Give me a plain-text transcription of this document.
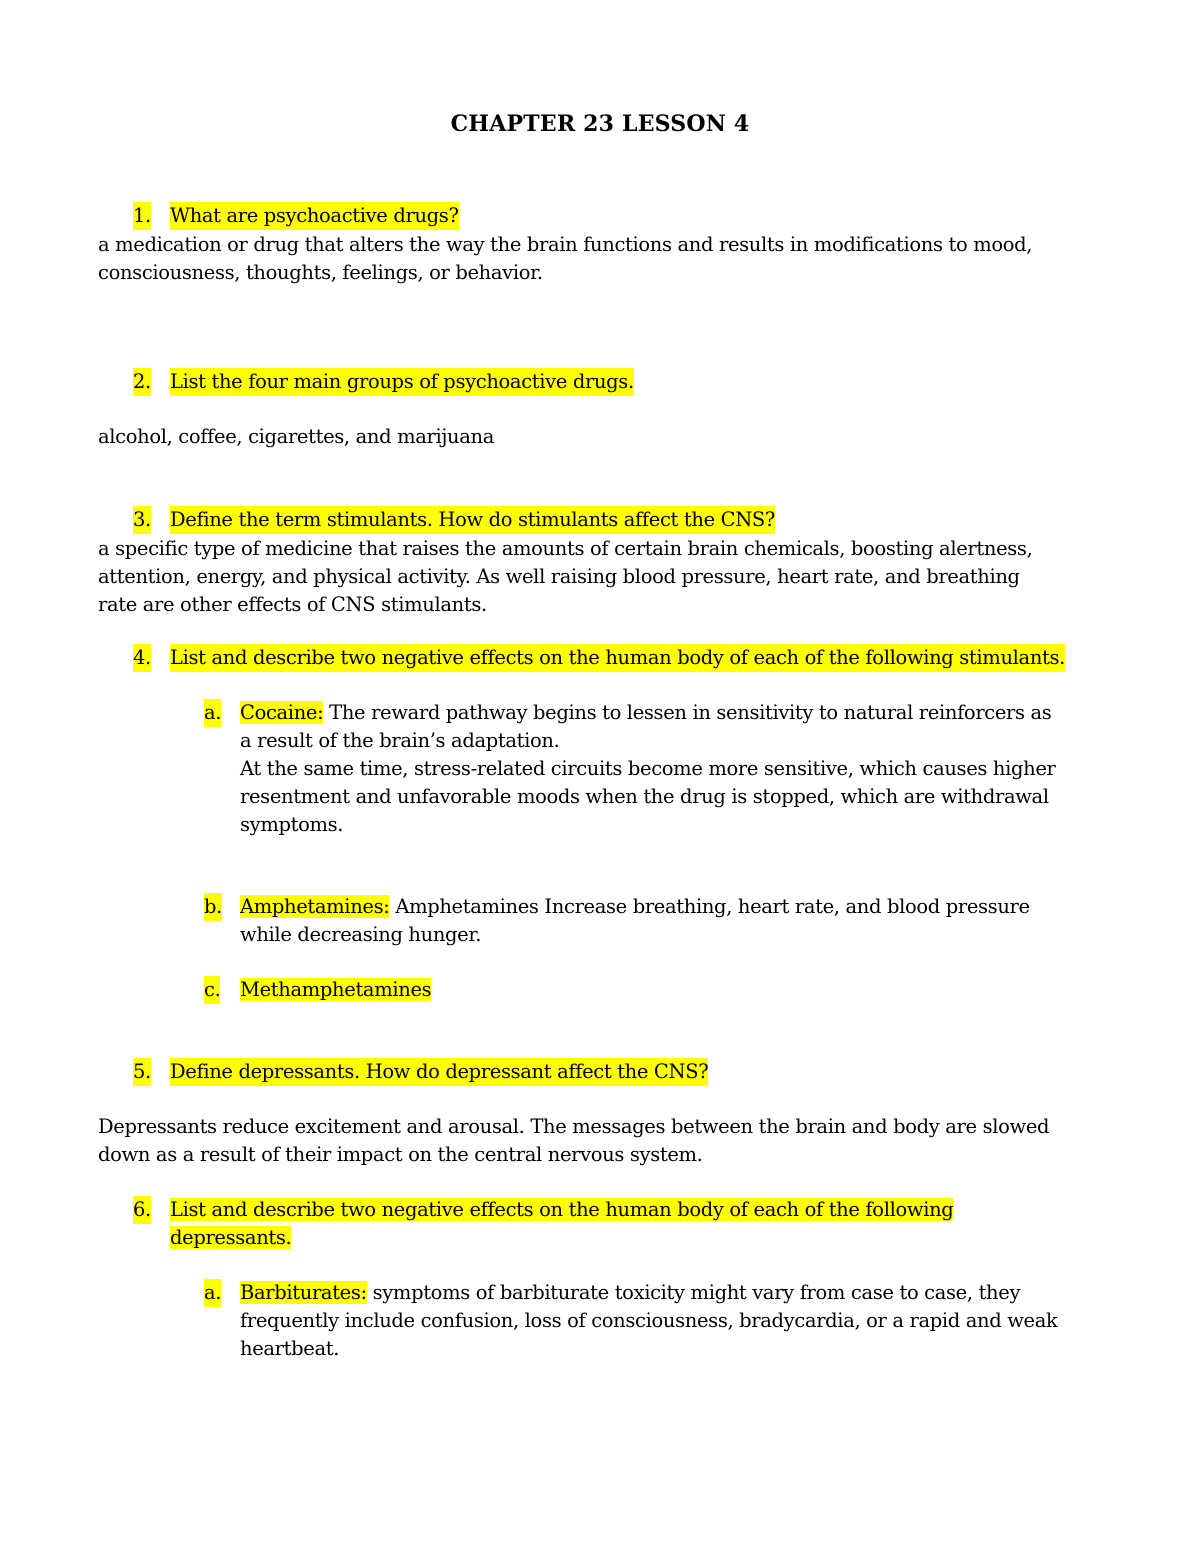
CHAPTER 23 LESSON 4
1. What are psychoactive drugs?
a medication or drug that alters the way the brain functions and results in modifications to mood,
consciousness, thoughts, feelings, or behavior.
2. List the four main groups of psychoactive drugs.
alcohol, coffee, cigarettes, and marijuana
3. Define the term stimulants. How do stimulants affect the CNS?
a specific type of medicine that raises the amounts of certain brain chemicals, boosting alertness,
attention, energy, and physical activity. As well raising blood pressure, heart rate, and breathing
rate are other effects of CNS stimulants.
4. List and describe two negative effects on the human body of each of the following stimulants.
a. Cocaine: The reward pathway begins to lessen in sensitivity to natural reinforcers as
a result of the brain’s adaptation.
At the same time, stress-related circuits become more sensitive, which causes higher
resentment and unfavorable moods when the drug is stopped, which are withdrawal
symptoms.
b. Amphetamines: Amphetamines Increase breathing, heart rate, and blood pressure
while decreasing hunger.
c. Methamphetamines
5. Define depressants. How do depressant affect the CNS?
Depressants reduce excitement and arousal. The messages between the brain and body are slowed
down as a result of their impact on the central nervous system.
6. List and describe two negative effects on the human body of each of the following
depressants.
a. Barbiturates: symptoms of barbiturate toxicity might vary from case to case, they
frequently include confusion, loss of consciousness, bradycardia, or a rapid and weak
heartbeat.
